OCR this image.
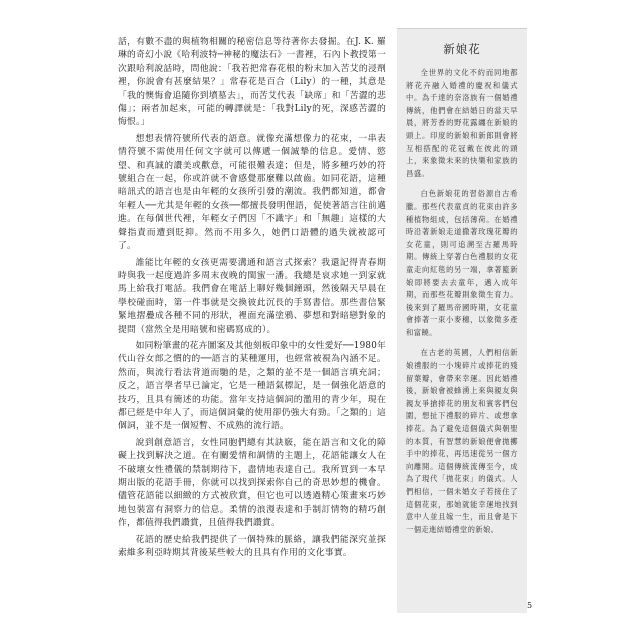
話，有數不盡的與植物相關的秘密信息等待著你去發掘。在J. K. 羅琳的奇幻小說《哈利波特─神秘的魔法石》一書裡，石內卜教授第一次跟哈利說話時，問他說：「我若把常春花根的粉末加入苦艾的浸劑裡，你說會有甚麼結果？」常春花是百合（Lily）的一種，其意是「我的懊悔會追隨你到墳墓去」，而苦艾代表「缺席」和「苦澀的悲傷」；兩者加起來，可能的轉譯就是：「我對Lily的死，深感苦澀的悔恨。」

想想表情符號所代表的語意。就像充滿想像力的花束，一串表情符號不需使用任何文字就可以傳遞一個誠摯的信息。愛情、慾望、和真誠的讚美或歡意，可能很難表達；但是，將多種巧妙的符號組合在一起，你或許就不會感覺那麼難以啟齒。如同花語，這種暗訊式的語言也是由年輕的女孩所引發的潮流。我們都知道，都會年輕人──尤其是年輕的女孩──都擅長發明俚語，促使著語言往前邁進。在每個世代裡，年輕女子們因「不識字」和「無趣」這樣的大聲指責而遭到貶抑。然而不用多久，她們口語體的過失就被認可了。

誰能比年輕的女孩更需要溝通和語言式探索？我還記得青春期時與我一起度過許多周末夜晚的閨蜜一潘。我總是哀求她一到家就馬上給我打電話。我們會在電話上聊好幾個鐘頭，然後隔天早晨在學校碰面時，第一件事就是交換彼此沉長的手寫書信。那些書信緊緊地摺疊成各種不同的形狀，裡面充滿塗鴉、夢想和對暗戀對象的提問（當然全是用暗號和密碼寫成的）。

如同粉筆畫的花卉圖案及其他刻板印象中的女性愛好──1980年代山谷女郎之慣的的──語言的某種運用，也經常被視為內涵不足。然而，與流行看法背道而馳的是，之類的並不是一個語言填充詞；反之，語言學者早已論定，它是一種語氣標記，是一個強化語意的技巧，且具有簡述的功能。當年支持這個詞的濫用的青少年，現在都已經是中年人了，而這個詞彙的使用卻仍強大有勁。「之類的」這個詞，並不是一個短暫、不成熟的流行語。

說到創意語言，女性同胞們總有其訣竅，能在語言和文化的障礙上找到解決之道。在有關愛情和調情的主題上，花語能讓女人在不破壞女性禮儀的禁制期待下，盡情地表達自己。我所買到一本早期出版的花語手冊，你就可以找到探索你自己的奇思妙想的機會。儘管花語能以細緻的方式被欣賞，但它也可以透過精心策畫來巧妙地包裝富有洞察力的信息。柔情的浪漫表達和手制訂情物的精巧創作，都值得我們讚賞，且值得我們讚賞。

花語的歷史給我們提供了一個特殊的脈絡，讓我們能深究並探索維多利亞時期其背後某些較大的且具有作用的文化事實。

新娘花

全世界的文化不約而同地都將花卉融入婚禮的慶祝和儀式中。為千達的奈洛族有一個婚禮傳統，他們會在結婚日的當天早晨，將芳香的野花露纏在新娘的頭上。印度的新娘和新郎則會將互相搭配的花冠戴在彼此的頭上，來象徵未來的快樂和家族的昌盛。

白色新娘花的習俗源自古希臘。那些代表童貞的花束由許多種植物組成，包括薄荷。在婚禮時沿著新娘走道撒著玫瑰花瓣的女花童，則可追溯至古羅馬時期。傳統上穿著白色禮服的女花童走向紅毯的另一端，拿著籃新娘即將要去去童年，邁入成年期，而那些花瓣則象徵生育力。後來到了羅馬帝國時期，女花童會捧著一束小麥穗，以象徵多產和富饒。

在古老的英國，人們相信新娘禮服的一小塊碎片或捧花的殘留葉瓣，會帶來幸運。因此婚禮後，新娘會被蜂湧上來與親友與親友爭搶捧花的朋友和賓客們包圍，想扯下禮服的碎片、或想拿捧花。為了避免這個儀式與朝聖的本質，有智慧的新娘便會拋擲手中的捧花，再迅速從另一個方向離開。這個傳統流傳至今，成為了現代「拋花束」的儀式。人們相信，一個未婚女子若接住了這個花束，那她就能幸運地找到意中人並且嫁一生，而且會是下一個走進結婚禮堂的新娘。

5
